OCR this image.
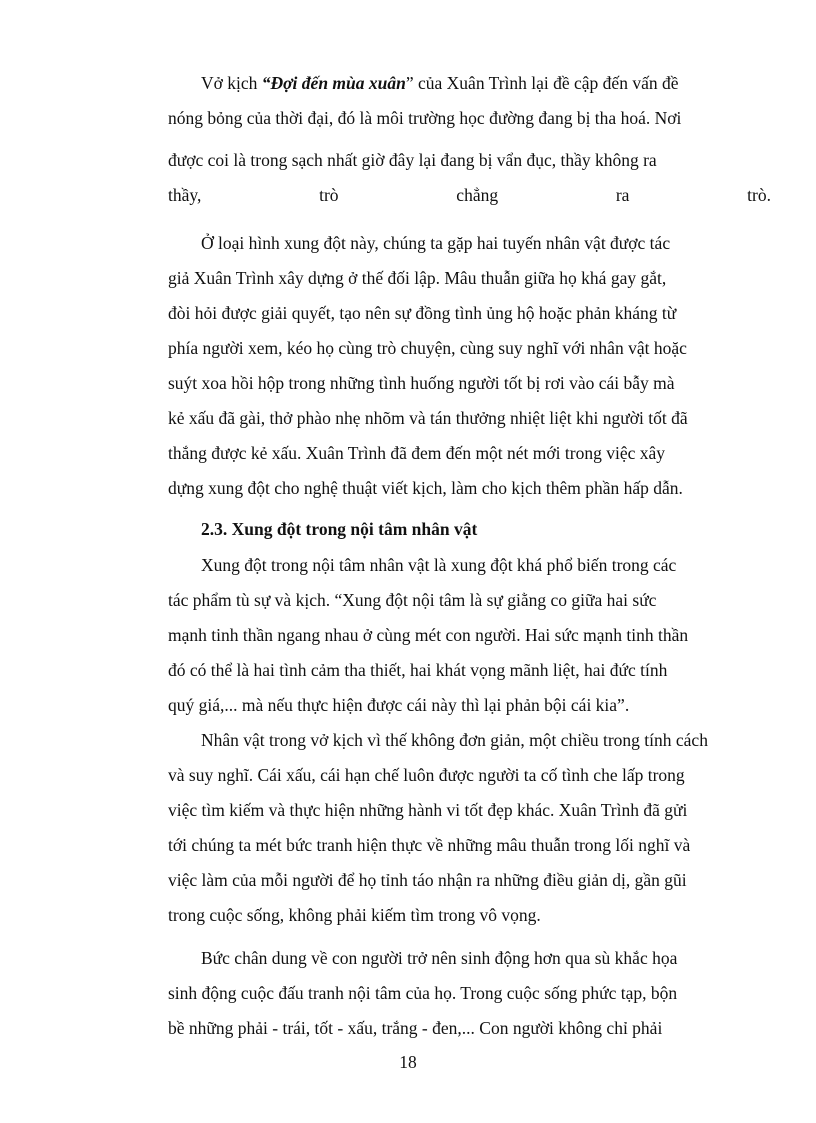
Vở kịch “Đợi đến mùa xuân” của Xuân Trình lại đề cập đến vấn đề
nóng bỏng của thời đại, đó là môi trường học đường đang bị tha hoá. Nơi
được coi là trong sạch nhất giờ đây lại đang bị vẩn đục, thầy không ra
thầy,	trò	chẳng	ra	trò.
Ở loại hình xung đột này, chúng ta gặp hai tuyến nhân vật được tác
giả Xuân Trình xây dựng ở thế đối lập. Mâu thuẫn giữa họ khá gay gắt,
đòi hỏi được giải quyết, tạo nên sự đồng tình ủng hộ hoặc phản kháng từ
phía người xem, kéo họ cùng trò chuyện, cùng suy nghĩ với nhân vật hoặc
suýt xoa hồi hộp trong những tình huống người tốt bị rơi vào cái bẫy mà
kẻ xấu đã gài, thở phào nhẹ nhõm và tán thưởng nhiệt liệt khi người tốt đã
thắng được kẻ xấu. Xuân Trình đã đem đến một nét mới trong việc xây
dựng xung đột cho nghệ thuật viết kịch, làm cho kịch thêm phần hấp dẫn.
2.3. Xung đột trong nội tâm nhân vật
Xung đột trong nội tâm nhân vật là xung đột khá phổ biến trong các
tác phẩm tù sự và kịch. “Xung đột nội tâm là sự giằng co giữa hai sức
mạnh tinh thần ngang nhau ở cùng mét con người. Hai sức mạnh tinh thần
đó có thể là hai tình cảm tha thiết, hai khát vọng mãnh liệt, hai đức tính
quý giá,... mà nếu thực hiện được cái này thì lại phản bội cái kia”.
Nhân vật trong vở kịch vì thế không đơn giản, một chiều trong tính cách
và suy nghĩ. Cái xấu, cái hạn chế luôn được người ta cố tình che lấp trong
việc tìm kiếm và thực hiện những hành vi tốt đẹp khác. Xuân Trình đã gửi
tới chúng ta mét bức tranh hiện thực về những mâu thuẫn trong lối nghĩ và
việc làm của mỗi người để họ tỉnh táo nhận ra những điều giản dị, gần gũi
trong cuộc sống, không phải kiếm tìm trong vô vọng.
Bức chân dung về con người trở nên sinh động hơn qua sù khắc họa
sinh động cuộc đấu tranh nội tâm của họ. Trong cuộc sống phức tạp, bộn
bề những phải - trái, tốt - xấu, trắng - đen,... Con người không chỉ phải
18
